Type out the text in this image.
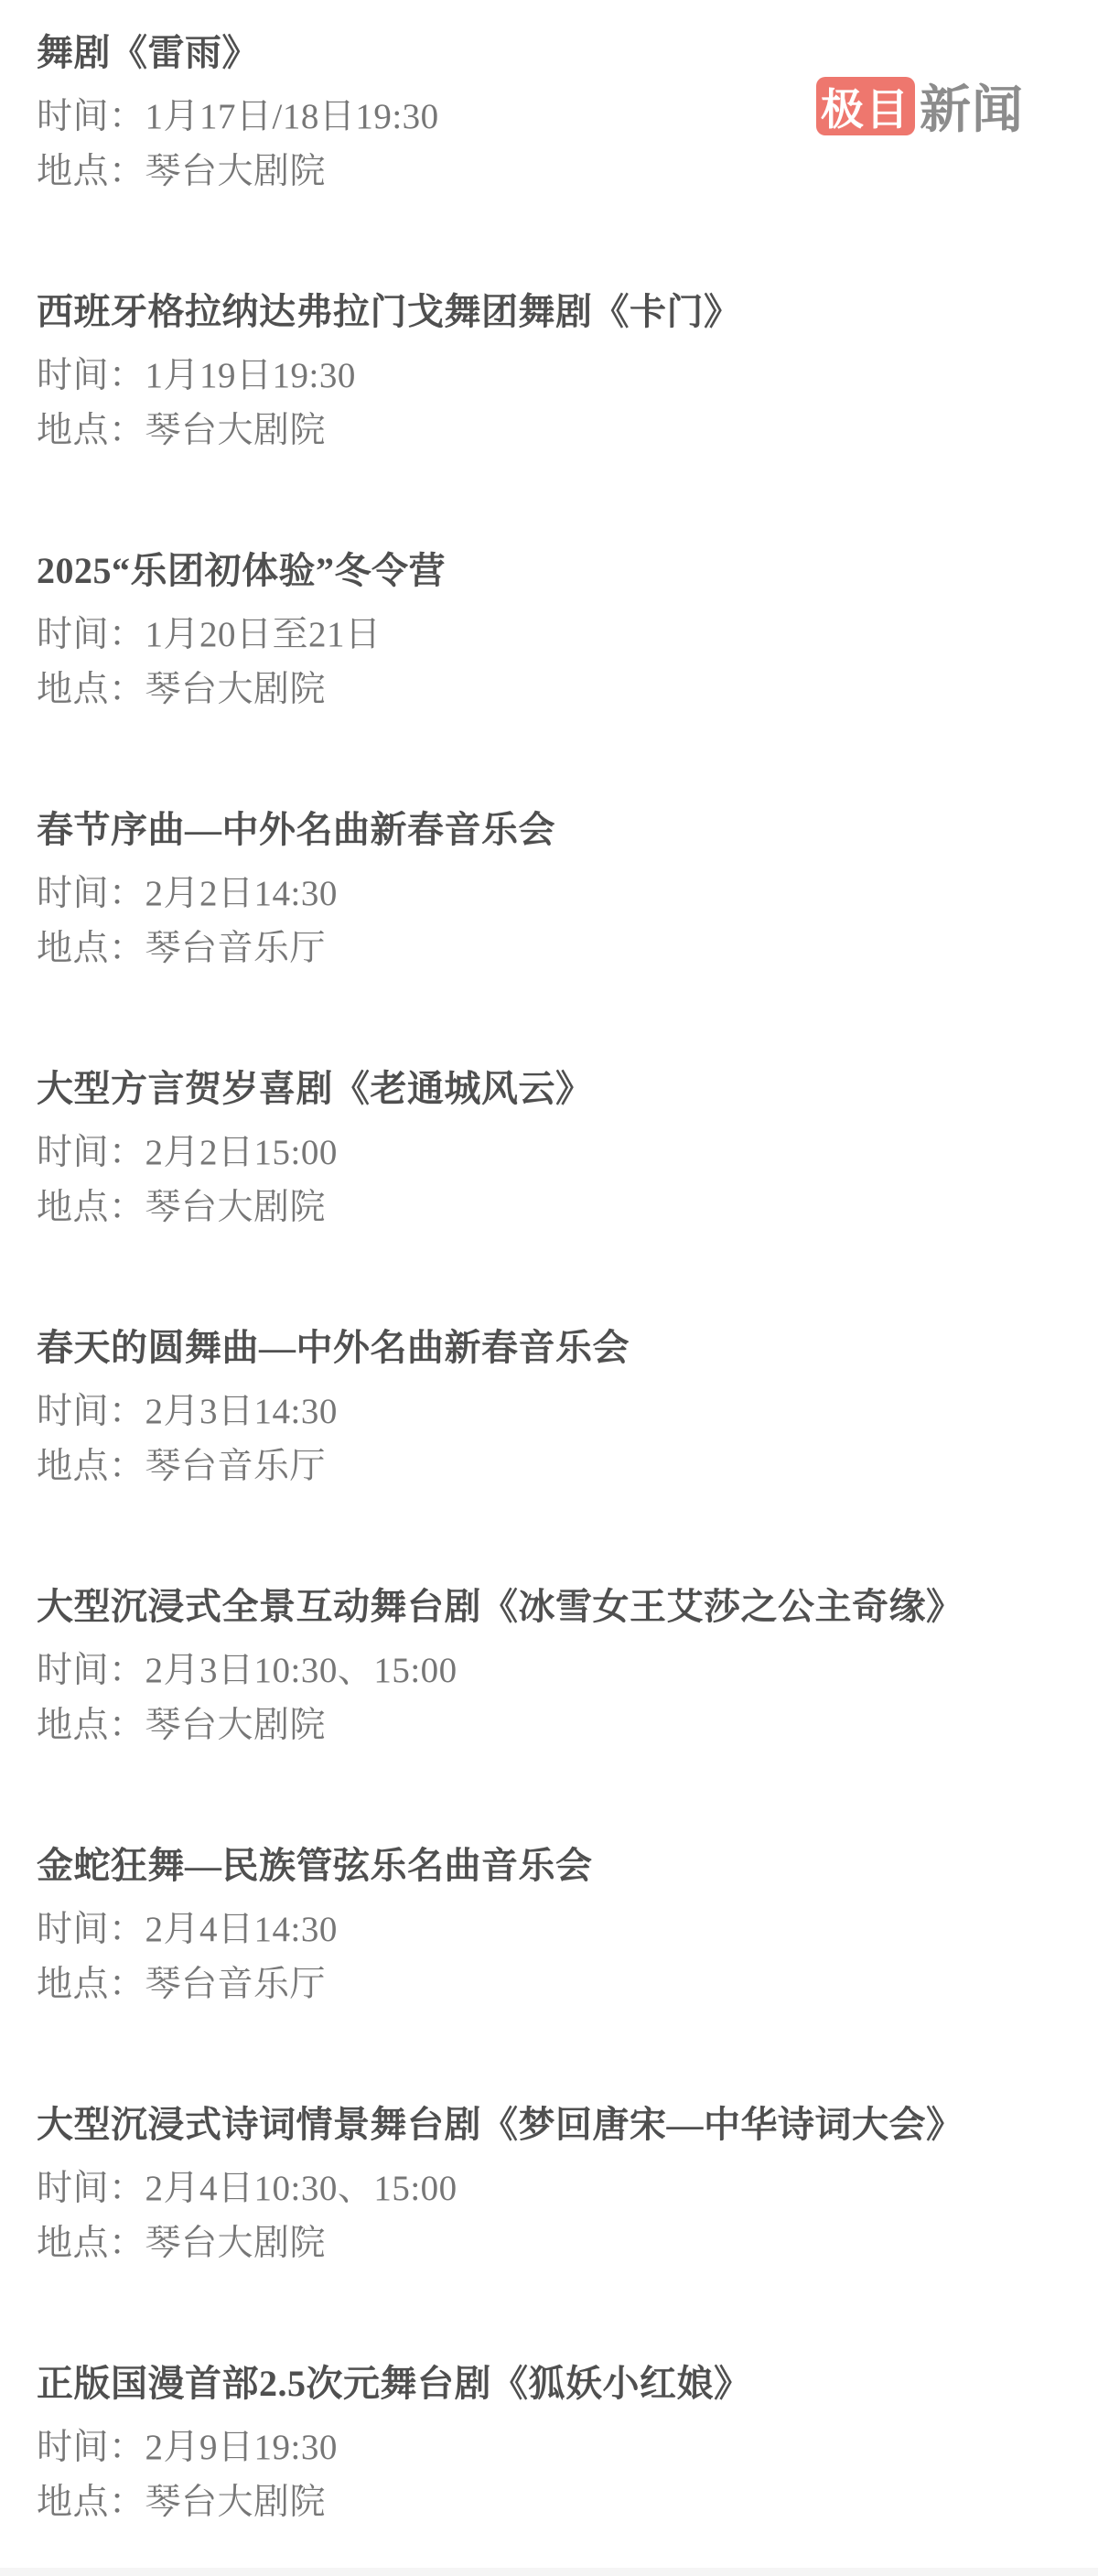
极目 新闻
舞剧《雷雨》
时间：1月17日/18日19:30
地点：琴台大剧院
西班牙格拉纳达弗拉门戈舞团舞剧《卡门》
时间：1月19日19:30
地点：琴台大剧院
2025“乐团初体验”冬令营
时间：1月20日至21日
地点：琴台大剧院
春节序曲—中外名曲新春音乐会
时间：2月2日14:30
地点：琴台音乐厅
大型方言贺岁喜剧《老通城风云》
时间：2月2日15:00
地点：琴台大剧院
春天的圆舞曲—中外名曲新春音乐会
时间：2月3日14:30
地点：琴台音乐厅
大型沉浸式全景互动舞台剧《冰雪女王艾莎之公主奇缘》
时间：2月3日10:30、15:00
地点：琴台大剧院
金蛇狂舞—民族管弦乐名曲音乐会
时间：2月4日14:30
地点：琴台音乐厅
大型沉浸式诗词情景舞台剧《梦回唐宋—中华诗词大会》
时间：2月4日10:30、15:00
地点：琴台大剧院
正版国漫首部2.5次元舞台剧《狐妖小红娘》
时间：2月9日19:30
地点：琴台大剧院
